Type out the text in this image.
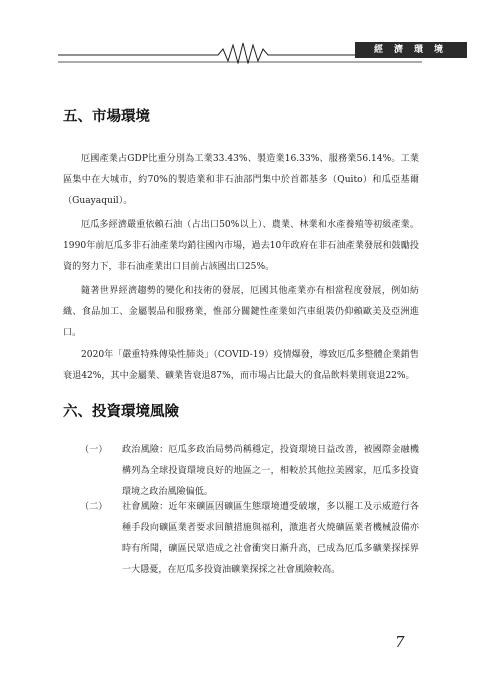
經濟環境
五、市場環境

厄國產業占GDP比重分別為工業33.43%、製造業16.33%、服務業56.14%。工業區集中在大城市，約70%的製造業和非石油部門集中於首都基多（Quito）和瓜亞基爾（Guayaquil）。

厄瓜多經濟嚴重依賴石油（占出口50%以上）、農業、林業和水產養殖等初級產業。1990年前厄瓜多非石油產業均銷往國內市場，過去10年政府在非石油產業發展和鼓勵投資的努力下，非石油產業出口目前占該國出口25%。

隨著世界經濟趨勢的變化和技術的發展，厄國其他產業亦有相當程度發展，例如紡織、食品加工、金屬製品和服務業，惟部分關鍵性產業如汽車組裝仍仰賴歐美及亞洲進口。

2020年「嚴重特殊傳染性肺炎」（COVID-19）疫情爆發，導致厄瓜多整體企業銷售衰退42%，其中金屬業、礦業皆衰退87%，而市場占比最大的食品飲料業則衰退22%。

六、投資環境風險
（一）	政治風險：厄瓜多政治局勢尚稱穩定，投資環境日益改善，被國際金融機構列為全球投資環境良好的地區之一，相較於其他拉美國家，厄瓜多投資環境之政治風險偏低。

（二）	社會風險：近年來礦區因礦區生態環境遭受破壞，多以罷工及示威遊行各種手段向礦區業者要求回饋措施與福利，激進者火燒礦區業者機械設備亦時有所聞，礦區民眾造成之社會衝突日漸升高，已成為厄瓜多礦業探採界一大隱憂，在厄瓜多投資油礦業探採之社會風險較高。

7
